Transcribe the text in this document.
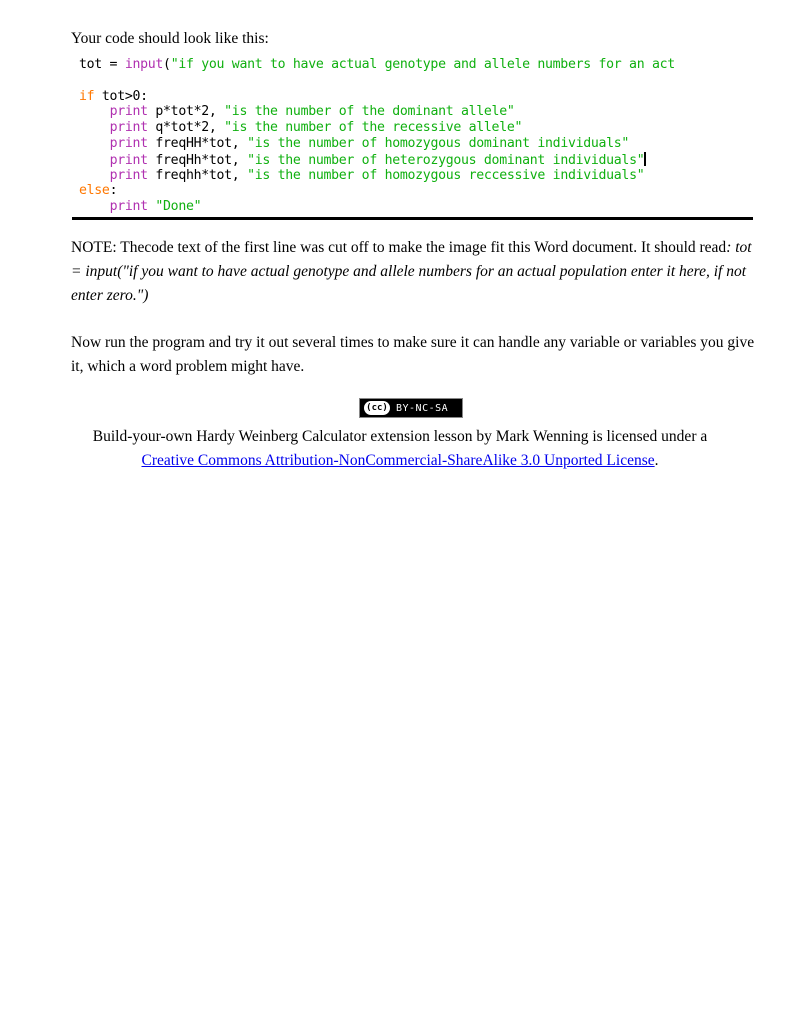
Your code should look like this:
tot = input("if you want to have actual genotype and allele numbers for an act
if tot>0:
print p*tot*2, "is the number of the dominant allele"
print q*tot*2, "is the number of the recessive allele"
print freqHH*tot, "is the number of homozygous dominant individuals"
print freqHh*tot, "is the number of heterozygous dominant individuals"
print freqhh*tot, "is the number of homozygous reccessive individuals"
else:
print "Done"
NOTE: Thecode text of the first line was cut off to make the image fit this Word document. It should read: tot = input("if you want to have actual genotype and allele numbers for an actual population enter it here, if not enter zero.")
Now run the program and try it out several times to make sure it can handle any variable or variables you give it, which a word problem might have.
(cc) BY-NC-SA
Build-your-own Hardy Weinberg Calculator extension lesson by Mark Wenning is licensed under a
Creative Commons Attribution-NonCommercial-ShareAlike 3.0 Unported License.
